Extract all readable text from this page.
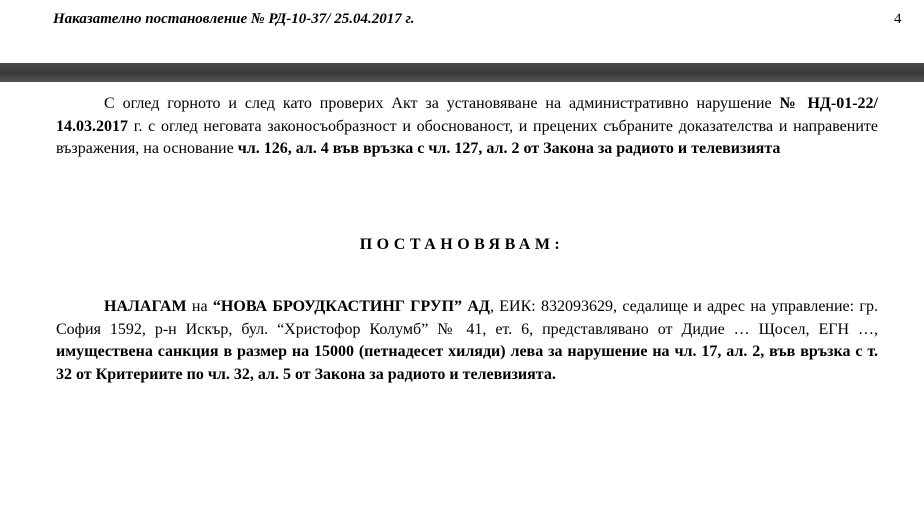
Наказателно постановление № РД-10-37/ 25.04.2017 г.	4

С оглед горното и след като проверих Акт за установяване на административно нарушение № НД-01-22/ 14.03.2017 г. с оглед неговата законосъобразност и обоснованост, и прецених събраните доказателства и направените възражения, на основание чл. 126, ал. 4 във връзка с чл. 127, ал. 2 от Закона за радиото и телевизията

ПОСТАНОВЯВАМ:

НАЛАГАМ на “НОВА БРОУДКАСТИНГ ГРУП” АД, ЕИК: 832093629, седалище и адрес на управление: гр. София 1592, р-н Искър, бул. “Христофор Колумб” № 41, ет. 6, представлявано от Дидие … Щосел, ЕГН …, имуществена санкция в размер на 15000 (петнадесет хиляди) лева за нарушение на чл. 17, ал. 2, във връзка с т. 32 от Критериите по чл. 32, ал. 5 от Закона за радиото и телевизията.
